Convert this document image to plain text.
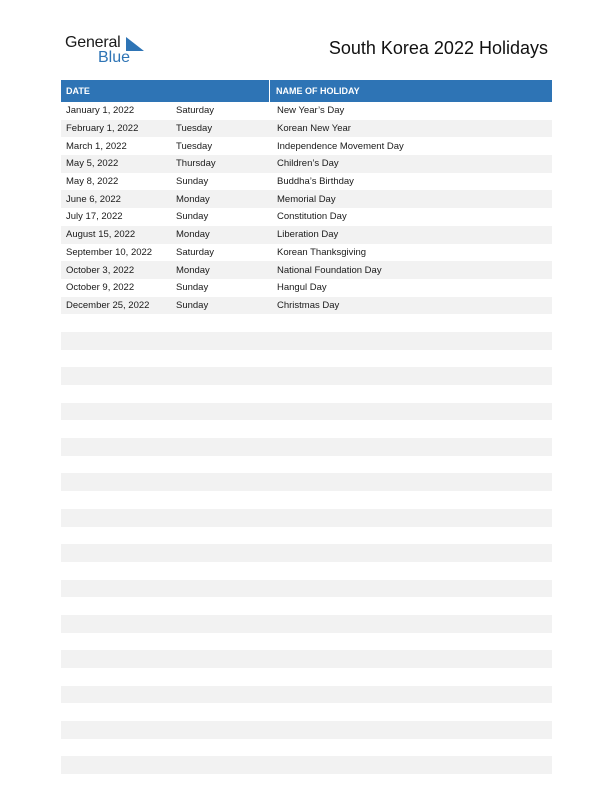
General
Blue	South Korea 2022 Holidays
DATE	NAME OF HOLIDAY
January 1, 2022	Saturday	New Year’s Day
February 1, 2022	Tuesday	Korean New Year
March 1, 2022	Tuesday	Independence Movement Day
May 5, 2022	Thursday	Children’s Day
May 8, 2022	Sunday	Buddha’s Birthday
June 6, 2022	Monday	Memorial Day
July 17, 2022	Sunday	Constitution Day
August 15, 2022	Monday	Liberation Day
September 10, 2022	Saturday	Korean Thanksgiving
October 3, 2022	Monday	National Foundation Day
October 9, 2022	Sunday	Hangul Day
December 25, 2022	Sunday	Christmas Day
